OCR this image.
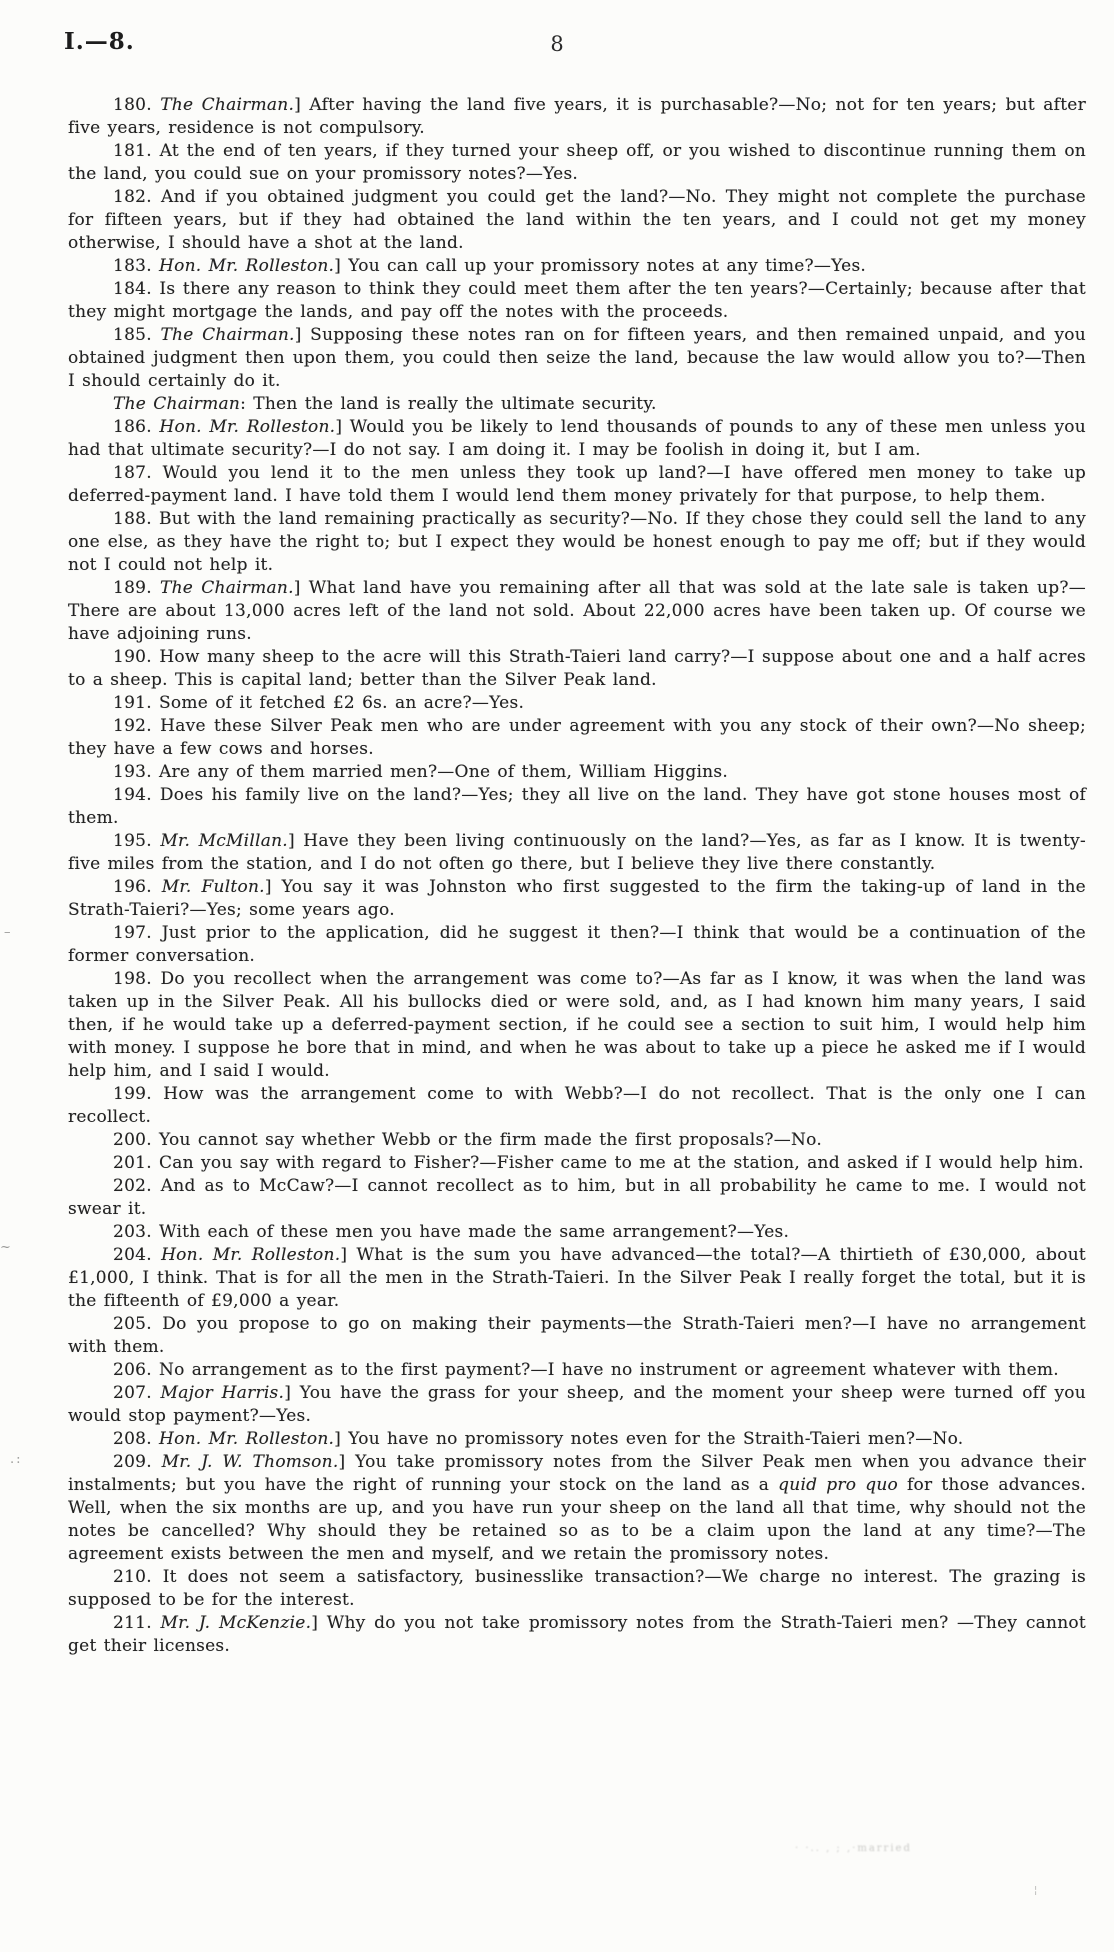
I.—8.	8

180. The Chairman.] After having the land five years, it is purchasable?—No; not for ten years; but after five years, residence is not compulsory.

181. At the end of ten years, if they turned your sheep off, or you wished to discontinue running them on the land, you could sue on your promissory notes?—Yes.

182. And if you obtained judgment you could get the land?—No. They might not complete the purchase for fifteen years, but if they had obtained the land within the ten years, and I could not get my money otherwise, I should have a shot at the land.

183. Hon. Mr. Rolleston.] You can call up your promissory notes at any time?—Yes.

184. Is there any reason to think they could meet them after the ten years?—Certainly; because after that they might mortgage the lands, and pay off the notes with the proceeds.

185. The Chairman.] Supposing these notes ran on for fifteen years, and then remained unpaid, and you obtained judgment then upon them, you could then seize the land, because the law would allow you to?—Then I should certainly do it.

The Chairman: Then the land is really the ultimate security.

186. Hon. Mr. Rolleston.] Would you be likely to lend thousands of pounds to any of these men unless you had that ultimate security?—I do not say. I am doing it. I may be foolish in doing it, but I am.

187. Would you lend it to the men unless they took up land?—I have offered men money to take up deferred-payment land. I have told them I would lend them money privately for that purpose, to help them.

188. But with the land remaining practically as security?—No. If they chose they could sell the land to any one else, as they have the right to; but I expect they would be honest enough to pay me off; but if they would not I could not help it.

189. The Chairman.] What land have you remaining after all that was sold at the late sale is taken up?—There are about 13,000 acres left of the land not sold. About 22,000 acres have been taken up. Of course we have adjoining runs.

190. How many sheep to the acre will this Strath-Taieri land carry?—I suppose about one and a half acres to a sheep. This is capital land; better than the Silver Peak land.

191. Some of it fetched £2 6s. an acre?—Yes.

192. Have these Silver Peak men who are under agreement with you any stock of their own?—No sheep; they have a few cows and horses.

193. Are any of them married men?—One of them, William Higgins.

194. Does his family live on the land?—Yes; they all live on the land. They have got stone houses most of them.

195. Mr. McMillan.] Have they been living continuously on the land?—Yes, as far as I know. It is twenty-five miles from the station, and I do not often go there, but I believe they live there constantly.

196. Mr. Fulton.] You say it was Johnston who first suggested to the firm the taking-up of land in the Strath-Taieri?—Yes; some years ago.

197. Just prior to the application, did he suggest it then?—I think that would be a continuation of the former conversation.

198. Do you recollect when the arrangement was come to?—As far as I know, it was when the land was taken up in the Silver Peak. All his bullocks died or were sold, and, as I had known him many years, I said then, if he would take up a deferred-payment section, if he could see a section to suit him, I would help him with money. I suppose he bore that in mind, and when he was about to take up a piece he asked me if I would help him, and I said I would.

199. How was the arrangement come to with Webb?—I do not recollect. That is the only one I can recollect.

200. You cannot say whether Webb or the firm made the first proposals?—No.

201. Can you say with regard to Fisher?—Fisher came to me at the station, and asked if I would help him.

202. And as to McCaw?—I cannot recollect as to him, but in all probability he came to me. I would not swear it.

203. With each of these men you have made the same arrangement?—Yes.

204. Hon. Mr. Rolleston.] What is the sum you have advanced—the total?—A thirtieth of £30,000, about £1,000, I think. That is for all the men in the Strath-Taieri. In the Silver Peak I really forget the total, but it is the fifteenth of £9,000 a year.

205. Do you propose to go on making their payments—the Strath-Taieri men?—I have no arrangement with them.

206. No arrangement as to the first payment?—I have no instrument or agreement whatever with them.

207. Major Harris.] You have the grass for your sheep, and the moment your sheep were turned off you would stop payment?—Yes.

208. Hon. Mr. Rolleston.] You have no promissory notes even for the Straith-Taieri men?—No.

209. Mr. J. W. Thomson.] You take promissory notes from the Silver Peak men when you advance their instalments; but you have the right of running your stock on the land as a quid pro quo for those advances. Well, when the six months are up, and you have run your sheep on the land all that time, why should not the notes be cancelled? Why should they be retained so as to be a claim upon the land at any time?—The agreement exists between the men and myself, and we retain the promissory notes.

210. It does not seem a satisfactory, businesslike transaction?—We charge no interest. The grazing is supposed to be for the interest.

211. Mr. J. McKenzie.] Why do you not take promissory notes from the Strath-Taieri men? —They cannot get their licenses.

–
~
.:
· ·.. , ; ,·married
¦
